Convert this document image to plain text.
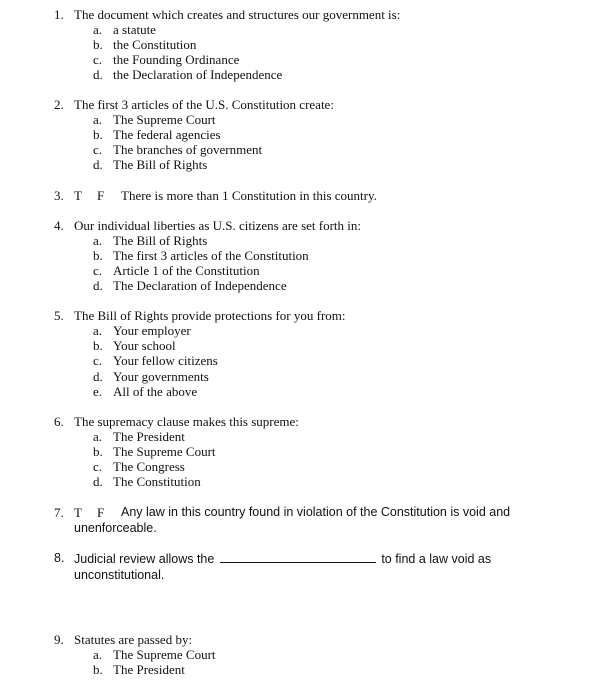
1. The document which creates and structures our government is:
a. a statute
b. the Constitution
c. the Founding Ordinance
d. the Declaration of Independence
2. The first 3 articles of the U.S. Constitution create:
a. The Supreme Court
b. The federal agencies
c. The branches of government
d. The Bill of Rights
3. T F There is more than 1 Constitution in this country.
4. Our individual liberties as U.S. citizens are set forth in:
a. The Bill of Rights
b. The first 3 articles of the Constitution
c. Article 1 of the Constitution
d. The Declaration of Independence
5. The Bill of Rights provide protections for you from:
a. Your employer
b. Your school
c. Your fellow citizens
d. Your governments
e. All of the above
6. The supremacy clause makes this supreme:
a. The President
b. The Supreme Court
c. The Congress
d. The Constitution
7. T F Any law in this country found in violation of the Constitution is void and
unenforceable.
8. Judicial review allows the	to find a law void as
unconstitutional.
9. Statutes are passed by:
a. The Supreme Court
b. The President
